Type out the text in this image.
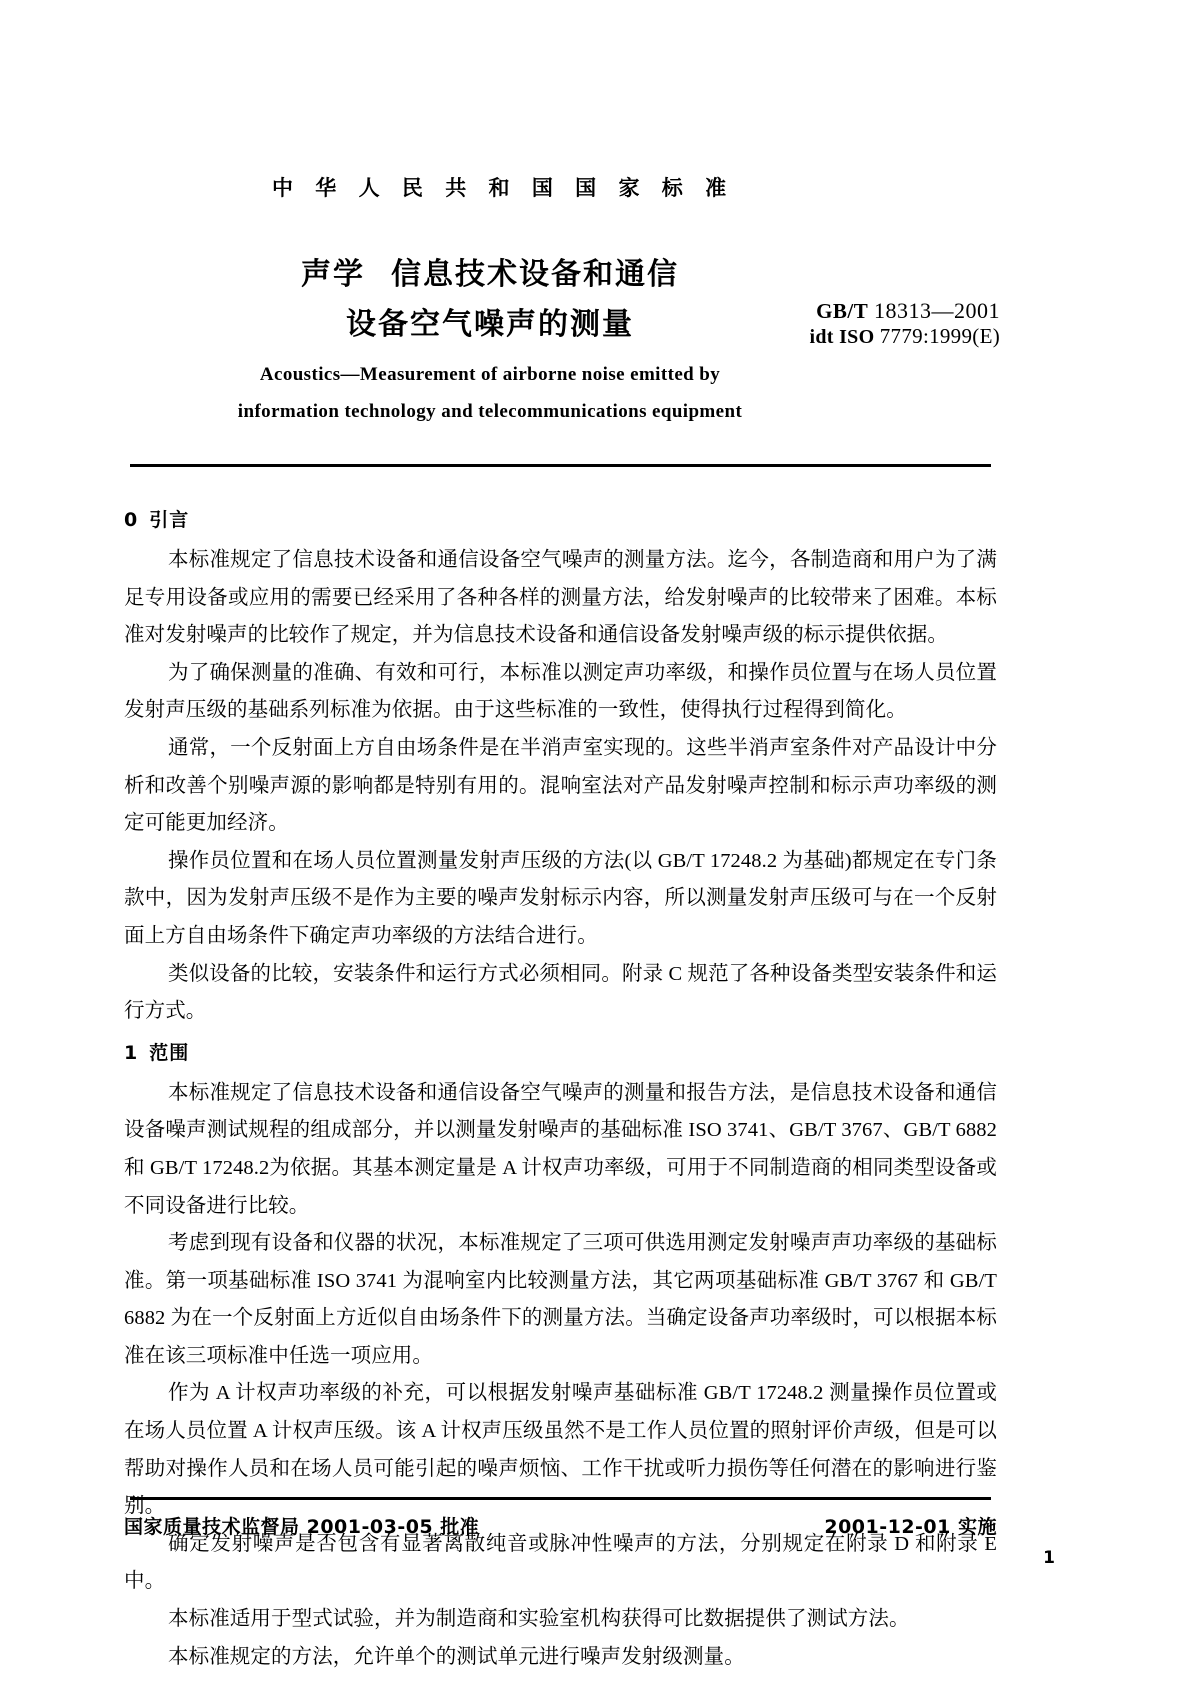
中 华 人 民 共 和 国 国 家 标 准
声学 信息技术设备和通信
设备空气噪声的测量	GB/T 18313—2001
idt ISO 7779:1999(E)
Acoustics—Measurement of airborne noise emitted by
information technology and telecommunications equipment
0 引言

本标准规定了信息技术设备和通信设备空气噪声的测量方法。迄今，各制造商和用户为了满足专用设备或应用的需要已经采用了各种各样的测量方法，给发射噪声的比较带来了困难。本标准对发射噪声的比较作了规定，并为信息技术设备和通信设备发射噪声级的标示提供依据。

为了确保测量的准确、有效和可行，本标准以测定声功率级，和操作员位置与在场人员位置发射声压级的基础系列标准为依据。由于这些标准的一致性，使得执行过程得到简化。

通常，一个反射面上方自由场条件是在半消声室实现的。这些半消声室条件对产品设计中分析和改善个别噪声源的影响都是特别有用的。混响室法对产品发射噪声控制和标示声功率级的测定可能更加经济。

操作员位置和在场人员位置测量发射声压级的方法(以 GB/T 17248.2 为基础)都规定在专门条款中，因为发射声压级不是作为主要的噪声发射标示内容，所以测量发射声压级可与在一个反射面上方自由场条件下确定声功率级的方法结合进行。

类似设备的比较，安装条件和运行方式必须相同。附录 C 规范了各种设备类型安装条件和运行方式。

1 范围

本标准规定了信息技术设备和通信设备空气噪声的测量和报告方法，是信息技术设备和通信设备噪声测试规程的组成部分，并以测量发射噪声的基础标准 ISO 3741、GB/T 3767、GB/T 6882 和 GB/T 17248.2为依据。其基本测定量是 A 计权声功率级，可用于不同制造商的相同类型设备或不同设备进行比较。

考虑到现有设备和仪器的状况，本标准规定了三项可供选用测定发射噪声声功率级的基础标准。第一项基础标准 ISO 3741 为混响室内比较测量方法，其它两项基础标准 GB/T 3767 和 GB/T 6882 为在一个反射面上方近似自由场条件下的测量方法。当确定设备声功率级时，可以根据本标准在该三项标准中任选一项应用。

作为 A 计权声功率级的补充，可以根据发射噪声基础标准 GB/T 17248.2 测量操作员位置或在场人员位置 A 计权声压级。该 A 计权声压级虽然不是工作人员位置的照射评价声级，但是可以帮助对操作人员和在场人员可能引起的噪声烦恼、工作干扰或听力损伤等任何潜在的影响进行鉴别。

确定发射噪声是否包含有显著离散纯音或脉冲性噪声的方法，分别规定在附录 D 和附录 E 中。

本标准适用于型式试验，并为制造商和实验室机构获得可比数据提供了测试方法。

本标准规定的方法，允许单个的测试单元进行噪声发射级测量。

国家质量技术监督局 2001-03-05 批准	2001-12-01 实施
1
